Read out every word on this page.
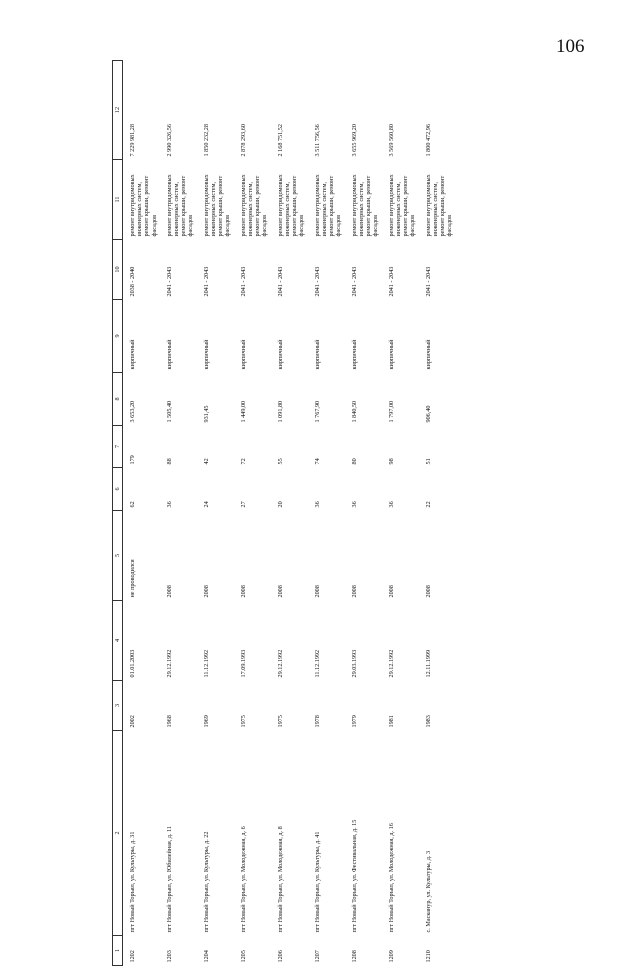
106
1	2	3	4	5	6	7	8	9	10	11	12
1202	пгт Новый Торъял, ул. Культуры, д. 31	2002	01.01.2003	не проводился	62	179	3 653,20	кирпичный	2038 - 2040	ремонт внутридомовых инженерных систем, ремонт крыши, ремонт фасадов	7 229 981,28
1203	пгт Новый Торъял, ул. Юбилейная, д. 11	1968	29.12.1992	2008	36	88	1 505,40	кирпичный	2041 - 2043	ремонт внутридомовых инженерных систем, ремонт крыши, ремонт фасадов	2 990 326,56
1204	пгт Новый Торъял, ул. Культуры, д. 22	1969	11.12.1992	2008	24	42	931,45	кирпичный	2041 - 2043	ремонт внутридомовых инженерных систем, ремонт крыши, ремонт фасадов	1 850 232,28
1205	пгт Новый Торъял, ул. Молодежная, д. 6	1975	17.09.1993	2008	27	72	1 449,00	кирпичный	2041 - 2043	ремонт внутридомовых инженерных систем, ремонт крыши, ремонт фасадов	2 878 293,60
1206	пгт Новый Торъял, ул. Молодежная, д. 8	1975	29.12.1992	2008	20	55	1 091,80	кирпичный	2041 - 2043	ремонт внутридомовых инженерных систем, ремонт крыши, ремонт фасадов	2 168 751,52
1207	пгт Новый Торъял, ул. Культуры, д. 41	1978	11.12.1992	2008	36	74	1 767,90	кирпичный	2041 - 2043	ремонт внутридомовых инженерных систем, ремонт крыши, ремонт фасадов	3 511 756,56
1208	пгт Новый Торъял, ул. Фестивальная, д. 15	1979	29.03.1993	2008	36	80	1 840,50	кирпичный	2041 - 2043	ремонт внутридомовых инженерных систем, ремонт крыши, ремонт фасадов	3 655 969,20
1209	пгт Новый Торъял, ул. Молодежная, д. 16	1981	29.12.1992	2008	36	98	1 797,00	кирпичный	2041 - 2043	ремонт внутридомовых инженерных систем, ремонт крыши, ремонт фасадов	3 569 560,80
1210	с. Масканур, ул. Культуры, д. 3	1983	12.11.1999	2008	22	51	906,40	кирпичный	2041 - 2043	ремонт внутридомовых инженерных систем, ремонт крыши, ремонт фасадов	1 800 472,96
